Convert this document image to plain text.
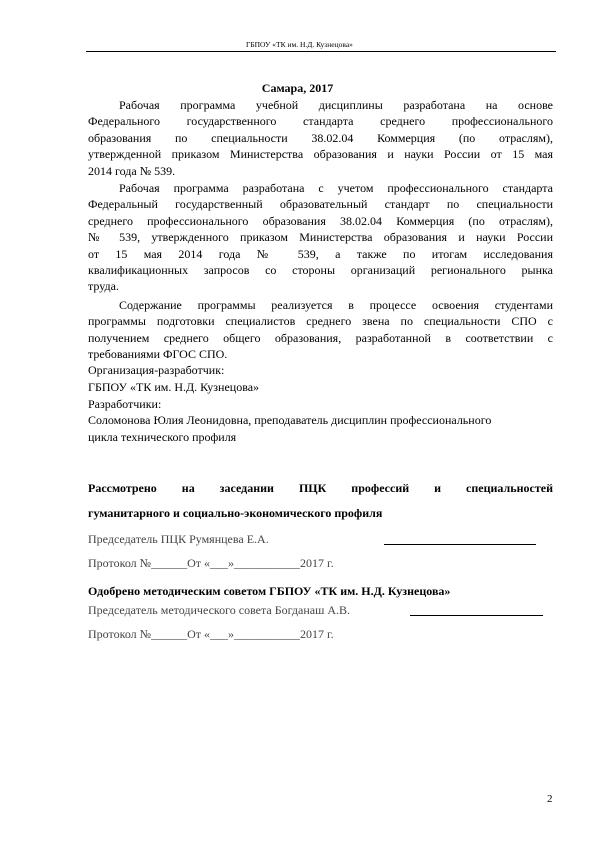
ГБПОУ «ТК им. Н.Д. Кузнецова»
Самара, 2017
Рабочая программа учебной дисциплины разработана на основе
Федерального государственного стандарта среднего профессионального
образования по специальности 38.02.04 Коммерция (по отраслям),
утвержденной приказом Министерства образования и науки России от 15 мая
2014 года № 539.
Рабочая программа разработана с учетом профессионального стандарта
Федеральный государственный образовательный стандарт по специальности
среднего профессионального образования 38.02.04 Коммерция (по отраслям),
№ 539, утвержденного приказом Министерства образования и науки России
от 15 мая 2014 года № 539, а также по итогам исследования
квалификационных запросов со стороны организаций регионального рынка
труда.
Содержание программы реализуется в процессе освоения студентами
программы подготовки специалистов среднего звена по специальности СПО с
получением среднего общего образования, разработанной в соответствии с
требованиями ФГОС СПО.
Организация-разработчик:
ГБПОУ «ТК им. Н.Д. Кузнецова»
Разработчики:
Соломонова Юлия Леонидовна, преподаватель дисциплин профессионального
цикла технического профиля
Рассмотрено на заседании ПЦК профессий и специальностей
гуманитарного и социально-экономического профиля
Председатель ПЦК Румянцева Е.А.
Протокол №______От «___»___________2017 г.
Одобрено методическим советом ГБПОУ «ТК им. Н.Д. Кузнецова»
Председатель методического совета Богданаш А.В.
Протокол №______От «___»___________2017 г.
2
